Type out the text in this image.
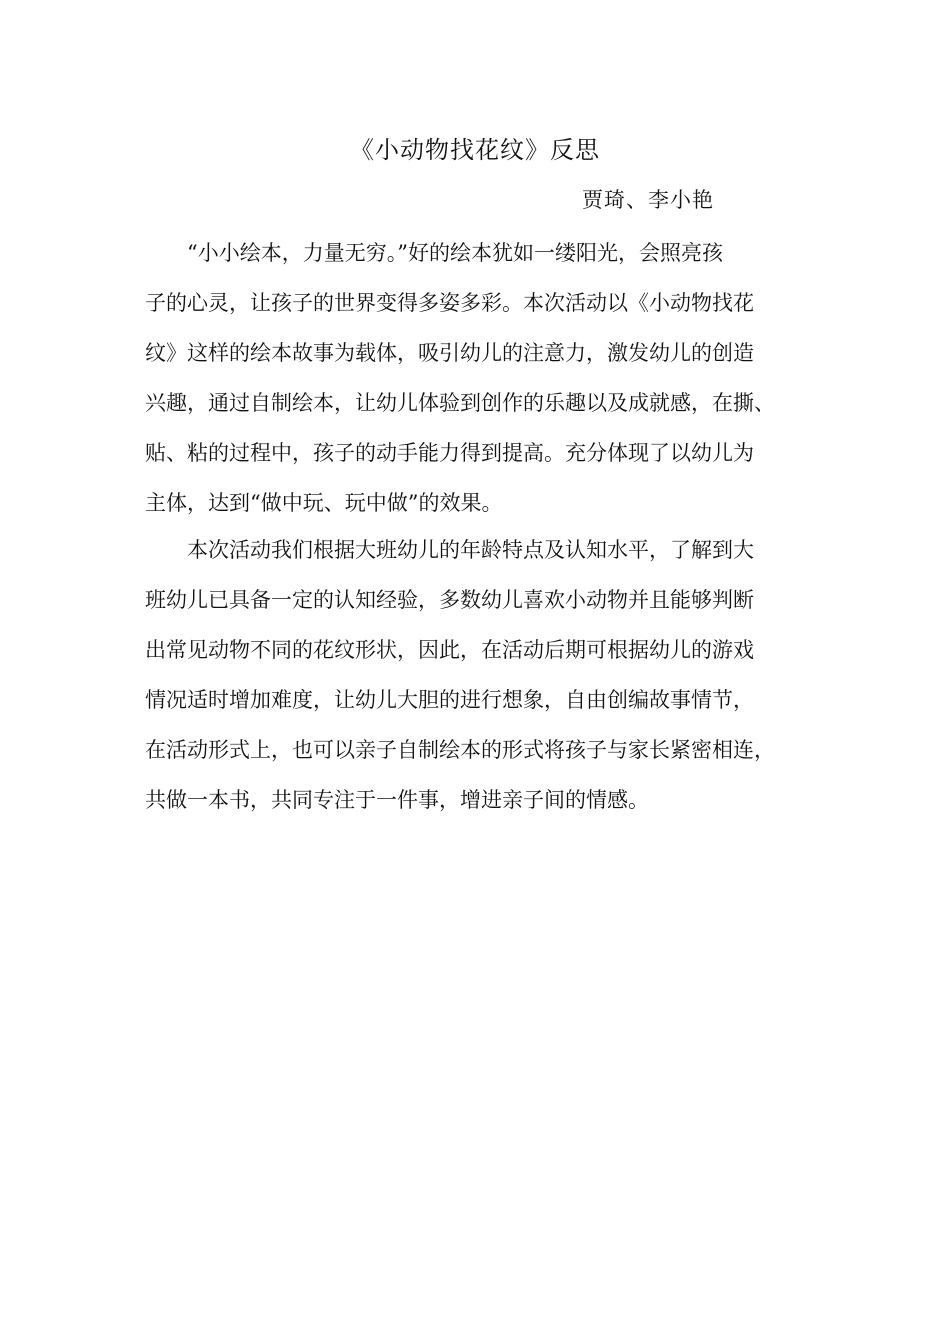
《小动物找花纹》反思
贾琦、李小艳
“小小绘本，力量无穷。”好的绘本犹如一缕阳光，会照亮孩
子的心灵，让孩子的世界变得多姿多彩。本次活动以《小动物找花
纹》这样的绘本故事为载体，吸引幼儿的注意力，激发幼儿的创造
兴趣，通过自制绘本，让幼儿体验到创作的乐趣以及成就感，在撕、
贴、粘的过程中，孩子的动手能力得到提高。充分体现了以幼儿为
主体，达到“做中玩、玩中做”的效果。
本次活动我们根据大班幼儿的年龄特点及认知水平，了解到大
班幼儿已具备一定的认知经验，多数幼儿喜欢小动物并且能够判断
出常见动物不同的花纹形状，因此，在活动后期可根据幼儿的游戏
情况适时增加难度，让幼儿大胆的进行想象，自由创编故事情节，
在活动形式上，也可以亲子自制绘本的形式将孩子与家长紧密相连，
共做一本书，共同专注于一件事，增进亲子间的情感。
